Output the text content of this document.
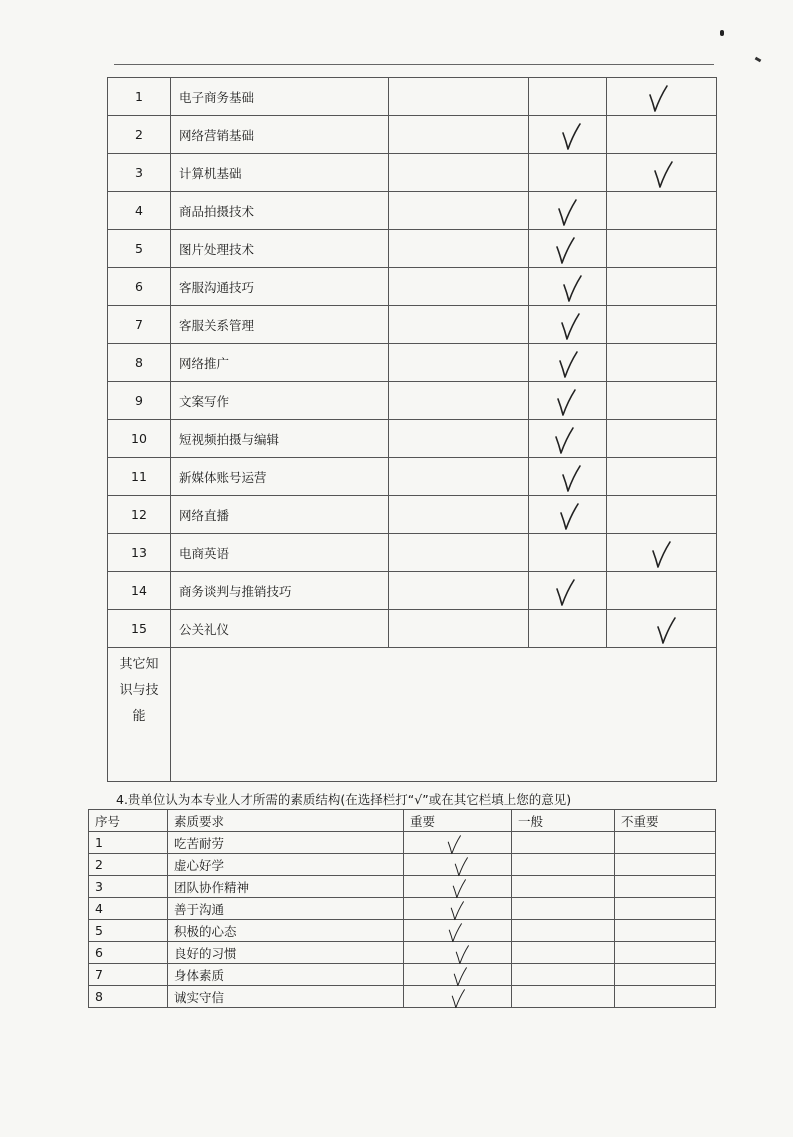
1	电子商务基础			
2	网络营销基础			
3	计算机基础			
4	商品拍摄技术			
5	图片处理技术			
6	客服沟通技巧			
7	客服关系管理			
8	网络推广			
9	文案写作			
10	短视频拍摄与编辑			
11	新媒体账号运营			
12	网络直播			
13	电商英语			
14	商务谈判与推销技巧			
15	公关礼仪			

其它知
识与技
能				

4.贵单位认为本专业人才所需的素质结构(在选择栏打“√”或在其它栏填上您的意见)
序号	素质要求	重要	一般	不重要
1	吃苦耐劳			
2	虚心好学			
3	团队协作精神			
4	善于沟通			
5	积极的心态			
6	良好的习惯			
7	身体素质			
8	诚实守信			
